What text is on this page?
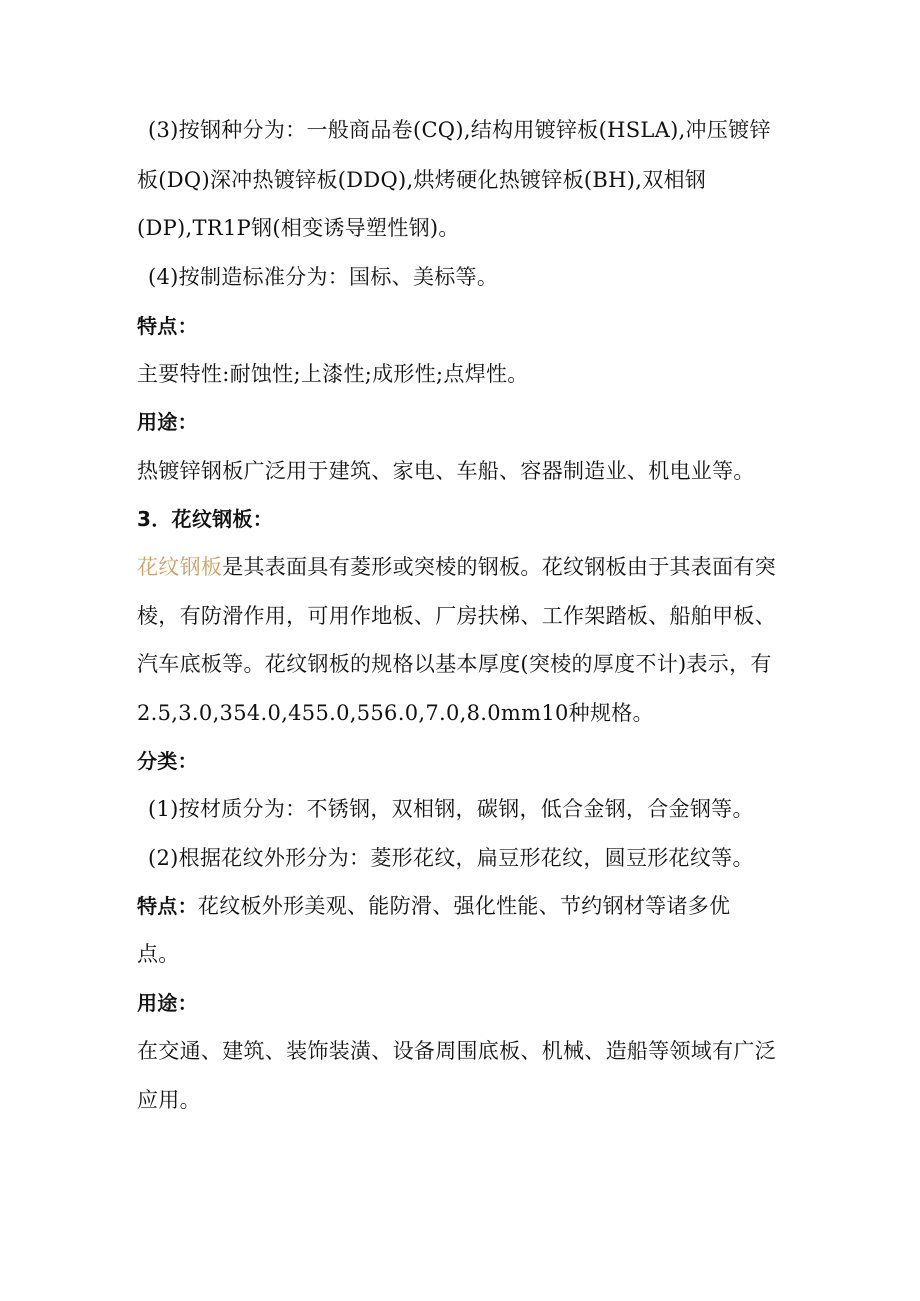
(3)按钢种分为：一般商品卷(CQ),结构用镀锌板(HSLA),冲压镀锌
板(DQ)深冲热镀锌板(DDQ),烘烤硬化热镀锌板(BH),双相钢
(DP),TR1P钢(相变诱导塑性钢)。
(4)按制造标准分为：国标、美标等。
特点：
主要特性:耐蚀性;上漆性;成形性;点焊性。
用途：
热镀锌钢板广泛用于建筑、家电、车船、容器制造业、机电业等。
3．花纹钢板：
花纹钢板是其表面具有菱形或突棱的钢板。花纹钢板由于其表面有突
棱，有防滑作用，可用作地板、厂房扶梯、工作架踏板、船舶甲板、
汽车底板等。花纹钢板的规格以基本厚度(突棱的厚度不计)表示，有
2.5,3.0,354.0,455.0,556.0,7.0,8.0mm10种规格。
分类：
(1)按材质分为：不锈钢，双相钢，碳钢，低合金钢，合金钢等。
(2)根据花纹外形分为：菱形花纹，扁豆形花纹，圆豆形花纹等。
特点：花纹板外形美观、能防滑、强化性能、节约钢材等诸多优
点。
用途：
在交通、建筑、装饰装潢、设备周围底板、机械、造船等领域有广泛
应用。
